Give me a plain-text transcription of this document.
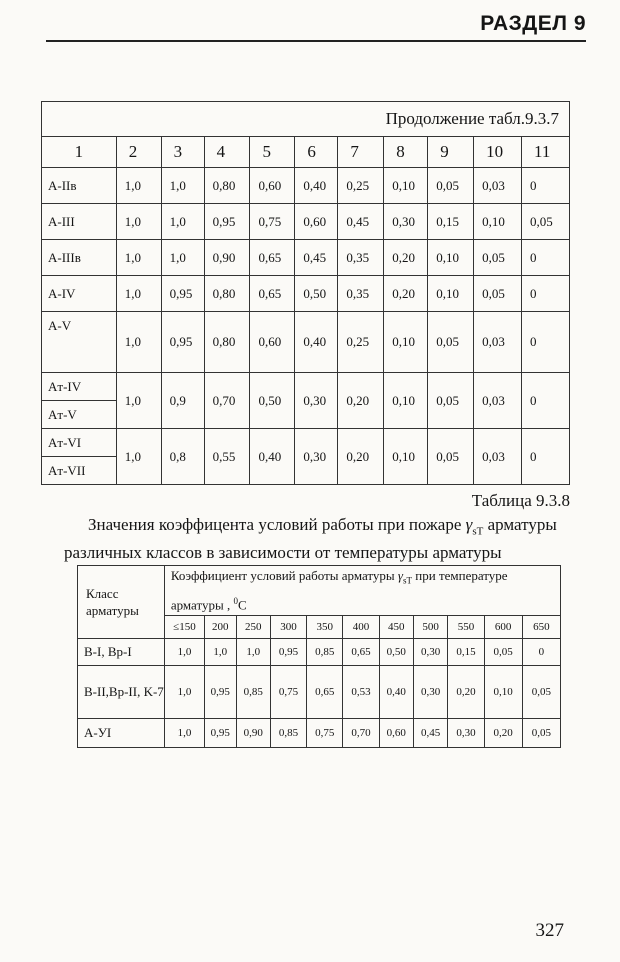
РАЗДЕЛ 9
Продолжение табл.9.3.7										
1	2	3	4	5	6	7	8	9	10	11
A-IIв	1,0	1,0	0,80	0,60	0,40	0,25	0,10	0,05	0,03	0
A-III	1,0	1,0	0,95	0,75	0,60	0,45	0,30	0,15	0,10	0,05
A-IIIв	1,0	1,0	0,90	0,65	0,45	0,35	0,20	0,10	0,05	0
A-IV	1,0	0,95	0,80	0,65	0,50	0,35	0,20	0,10	0,05	0
A-V	1,0	0,95	0,80	0,60	0,40	0,25	0,10	0,05	0,03	0
Aт-IV	1,0	0,9	0,70	0,50	0,30	0,20	0,10	0,05	0,03	0
Aт-V										
Aт-VI	1,0	0,8	0,55	0,40	0,30	0,20	0,10	0,05	0,03	0
Aт-VII										
Таблица 9.3.8
Значения коэффицента условий работы при пожаре $\gamma_{sT}$ арматуры различных классов в зависимости от температуры арматуры
Класс арматуры	Коэффициент условий работы арматуры $\gamma_{sT}$ при температуре арматуры , $^0$C										
	≤150	200	250	300	350	400	450	500	550	600	650
B-I, Bp-I	1,0	1,0	1,0	0,95	0,85	0,65	0,50	0,30	0,15	0,05	0
B-II,Bp-II, K-7	1,0	0,95	0,85	0,75	0,65	0,53	0,40	0,30	0,20	0,10	0,05
A-УI	1,0	0,95	0,90	0,85	0,75	0,70	0,60	0,45	0,30	0,20	0,05
327
